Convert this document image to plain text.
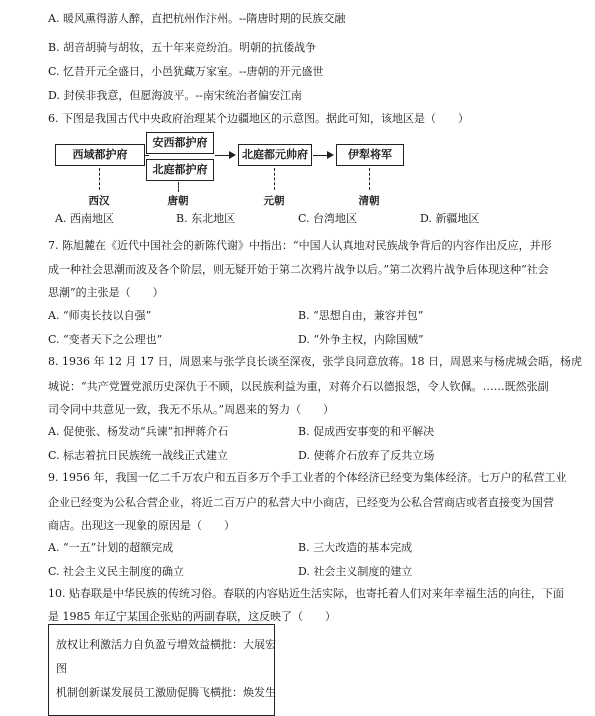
A. 暖风熏得游人醉，直把杭州作汴州。--隋唐时期的民族交融
B. 胡音胡骑与胡妆，五十年来竞纷泊。明朝的抗倭战争
C. 忆昔开元全盛日，小邑犹藏万家室。--唐朝的开元盛世
D. 封侯非我意，但愿海波平。--南宋统治者偏安江南
6. 下图是我国古代中央政府治理某个边疆地区的示意图。据此可知，该地区是（　　）
西域都护府
安西都护府
北庭都护府
北庭都元帅府	伊犁将军
西汉	唐朝	元朝	清朝
A. 西南地区	B. 东北地区	C. 台湾地区	D. 新疆地区
7. 陈旭麓在《近代中国社会的新陈代谢》中指出：“中国人认真地对民族战争背后的内容作出反应，并形
成一种社会思潮而波及各个阶层，则无疑开始于第二次鸦片战争以后。”第二次鸦片战争后体现这种“社会
思潮”的主张是（　　）
A. “师夷长技以自强”	B. “思想自由，兼容并包”
C. “变者天下之公理也”	D. “外争主权，内除国贼”
8. 1936 年 12 月 17 日，周恩来与张学良长谈至深夜，张学良同意放蒋。18 日，周恩来与杨虎城会晤，杨虎
城说：“共产党置党派历史深仇于不顾，以民族利益为重，对蒋介石以德报怨，令人钦佩。……既然张副
司令同中共意见一致，我无不乐从。”周恩来的努力（　　）
A. 促使张、杨发动“兵谏”扣押蒋介石	B. 促成西安事变的和平解决
C. 标志着抗日民族统一战线正式建立	D. 使蒋介石放弃了反共立场
9. 1956 年，我国一亿二千万农户和五百多万个手工业者的个体经济已经变为集体经济。七万户的私营工业
企业已经变为公私合营企业，将近二百万户的私营大中小商店，已经变为公私合营商店或者直接变为国营
商店。出现这一现象的原因是（　　）
A. “一五”计划的超额完成	B. 三大改造的基本完成
C. 社会主义民主制度的确立	D. 社会主义制度的建立
10. 贴春联是中华民族的传统习俗。春联的内容贴近生活实际，也寄托着人们对来年幸福生活的向往，下面
是 1985 年辽宁某国企张贴的两副春联，这反映了（　　）
放权让利激活力自负盈亏增效益横批：大展宏
图
机制创新谋发展员工激励促腾飞横批：焕发生
